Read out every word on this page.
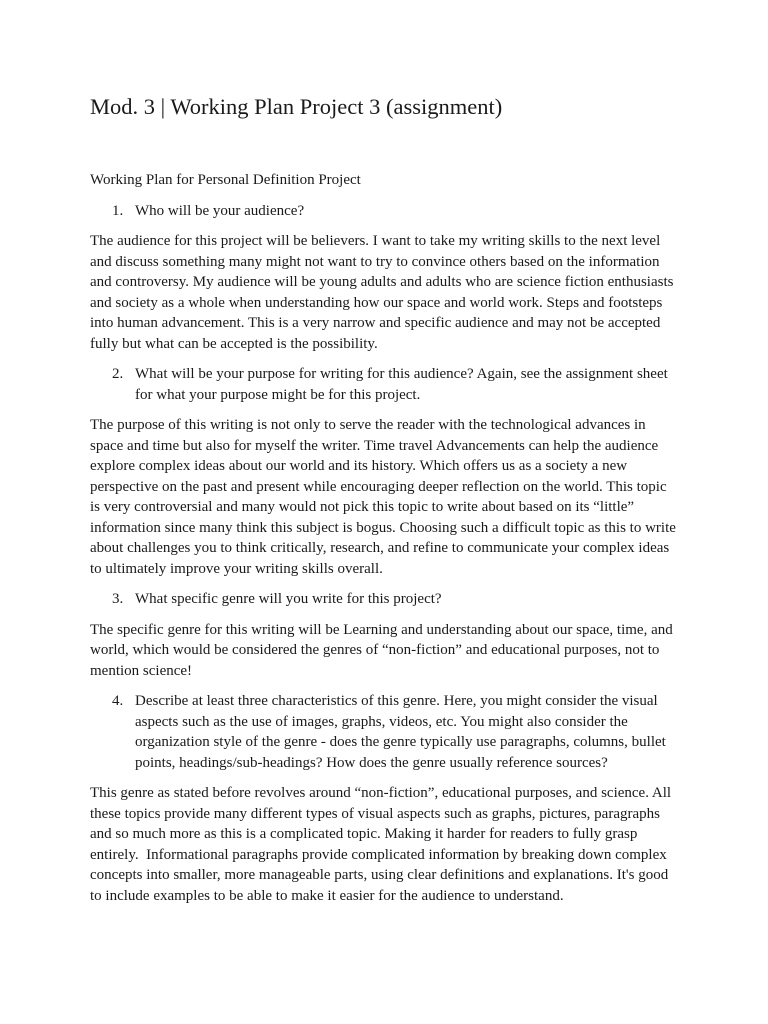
Mod. 3 | Working Plan Project 3 (assignment)

Working Plan for Personal Definition Project

1. Who will be your audience?

The audience for this project will be believers. I want to take my writing skills to the next level and discuss something many might not want to try to convince others based on the information and controversy. My audience will be young adults and adults who are science fiction enthusiasts and society as a whole when understanding how our space and world work. Steps and footsteps into human advancement. This is a very narrow and specific audience and may not be accepted fully but what can be accepted is the possibility.

2. What will be your purpose for writing for this audience? Again, see the assignment sheet for what your purpose might be for this project.

The purpose of this writing is not only to serve the reader with the technological advances in space and time but also for myself the writer. Time travel Advancements can help the audience explore complex ideas about our world and its history. Which offers us as a society a new perspective on the past and present while encouraging deeper reflection on the world. This topic is very controversial and many would not pick this topic to write about based on its “little” information since many think this subject is bogus. Choosing such a difficult topic as this to write about challenges you to think critically, research, and refine to communicate your complex ideas to ultimately improve your writing skills overall.

3. What specific genre will you write for this project?

The specific genre for this writing will be Learning and understanding about our space, time, and world, which would be considered the genres of “non-fiction” and educational purposes, not to mention science!

4. Describe at least three characteristics of this genre. Here, you might consider the visual aspects such as the use of images, graphs, videos, etc. You might also consider the organization style of the genre - does the genre typically use paragraphs, columns, bullet points, headings/sub-headings? How does the genre usually reference sources?

This genre as stated before revolves around “non-fiction”, educational purposes, and science. All these topics provide many different types of visual aspects such as graphs, pictures, paragraphs and so much more as this is a complicated topic. Making it harder for readers to fully grasp entirely.  Informational paragraphs provide complicated information by breaking down complex concepts into smaller, more manageable parts, using clear definitions and explanations. It's good to include examples to be able to make it easier for the audience to understand.
